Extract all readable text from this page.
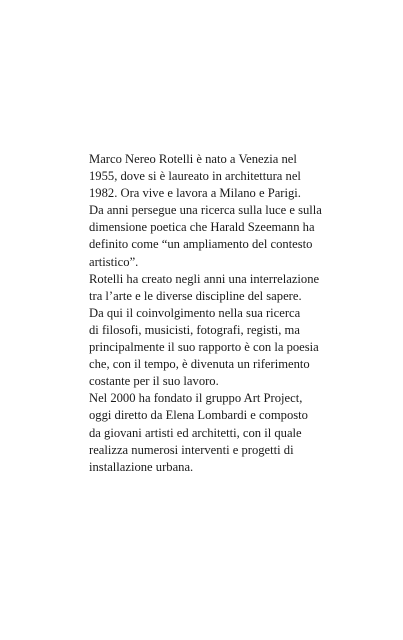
Marco Nereo Rotelli è nato a Venezia nel
1955, dove si è laureato in architettura nel
1982. Ora vive e lavora a Milano e Parigi.
Da anni persegue una ricerca sulla luce e sulla
dimensione poetica che Harald Szeemann ha
definito come “un ampliamento del contesto
artistico”.
Rotelli ha creato negli anni una interrelazione
tra l’arte e le diverse discipline del sapere.
Da qui il coinvolgimento nella sua ricerca
di filosofi, musicisti, fotografi, registi, ma
principalmente il suo rapporto è con la poesia
che, con il tempo, è divenuta un riferimento
costante per il suo lavoro.
Nel 2000 ha fondato il gruppo Art Project,
oggi diretto da Elena Lombardi e composto
da giovani artisti ed architetti, con il quale
realizza numerosi interventi e progetti di
installazione urbana.
